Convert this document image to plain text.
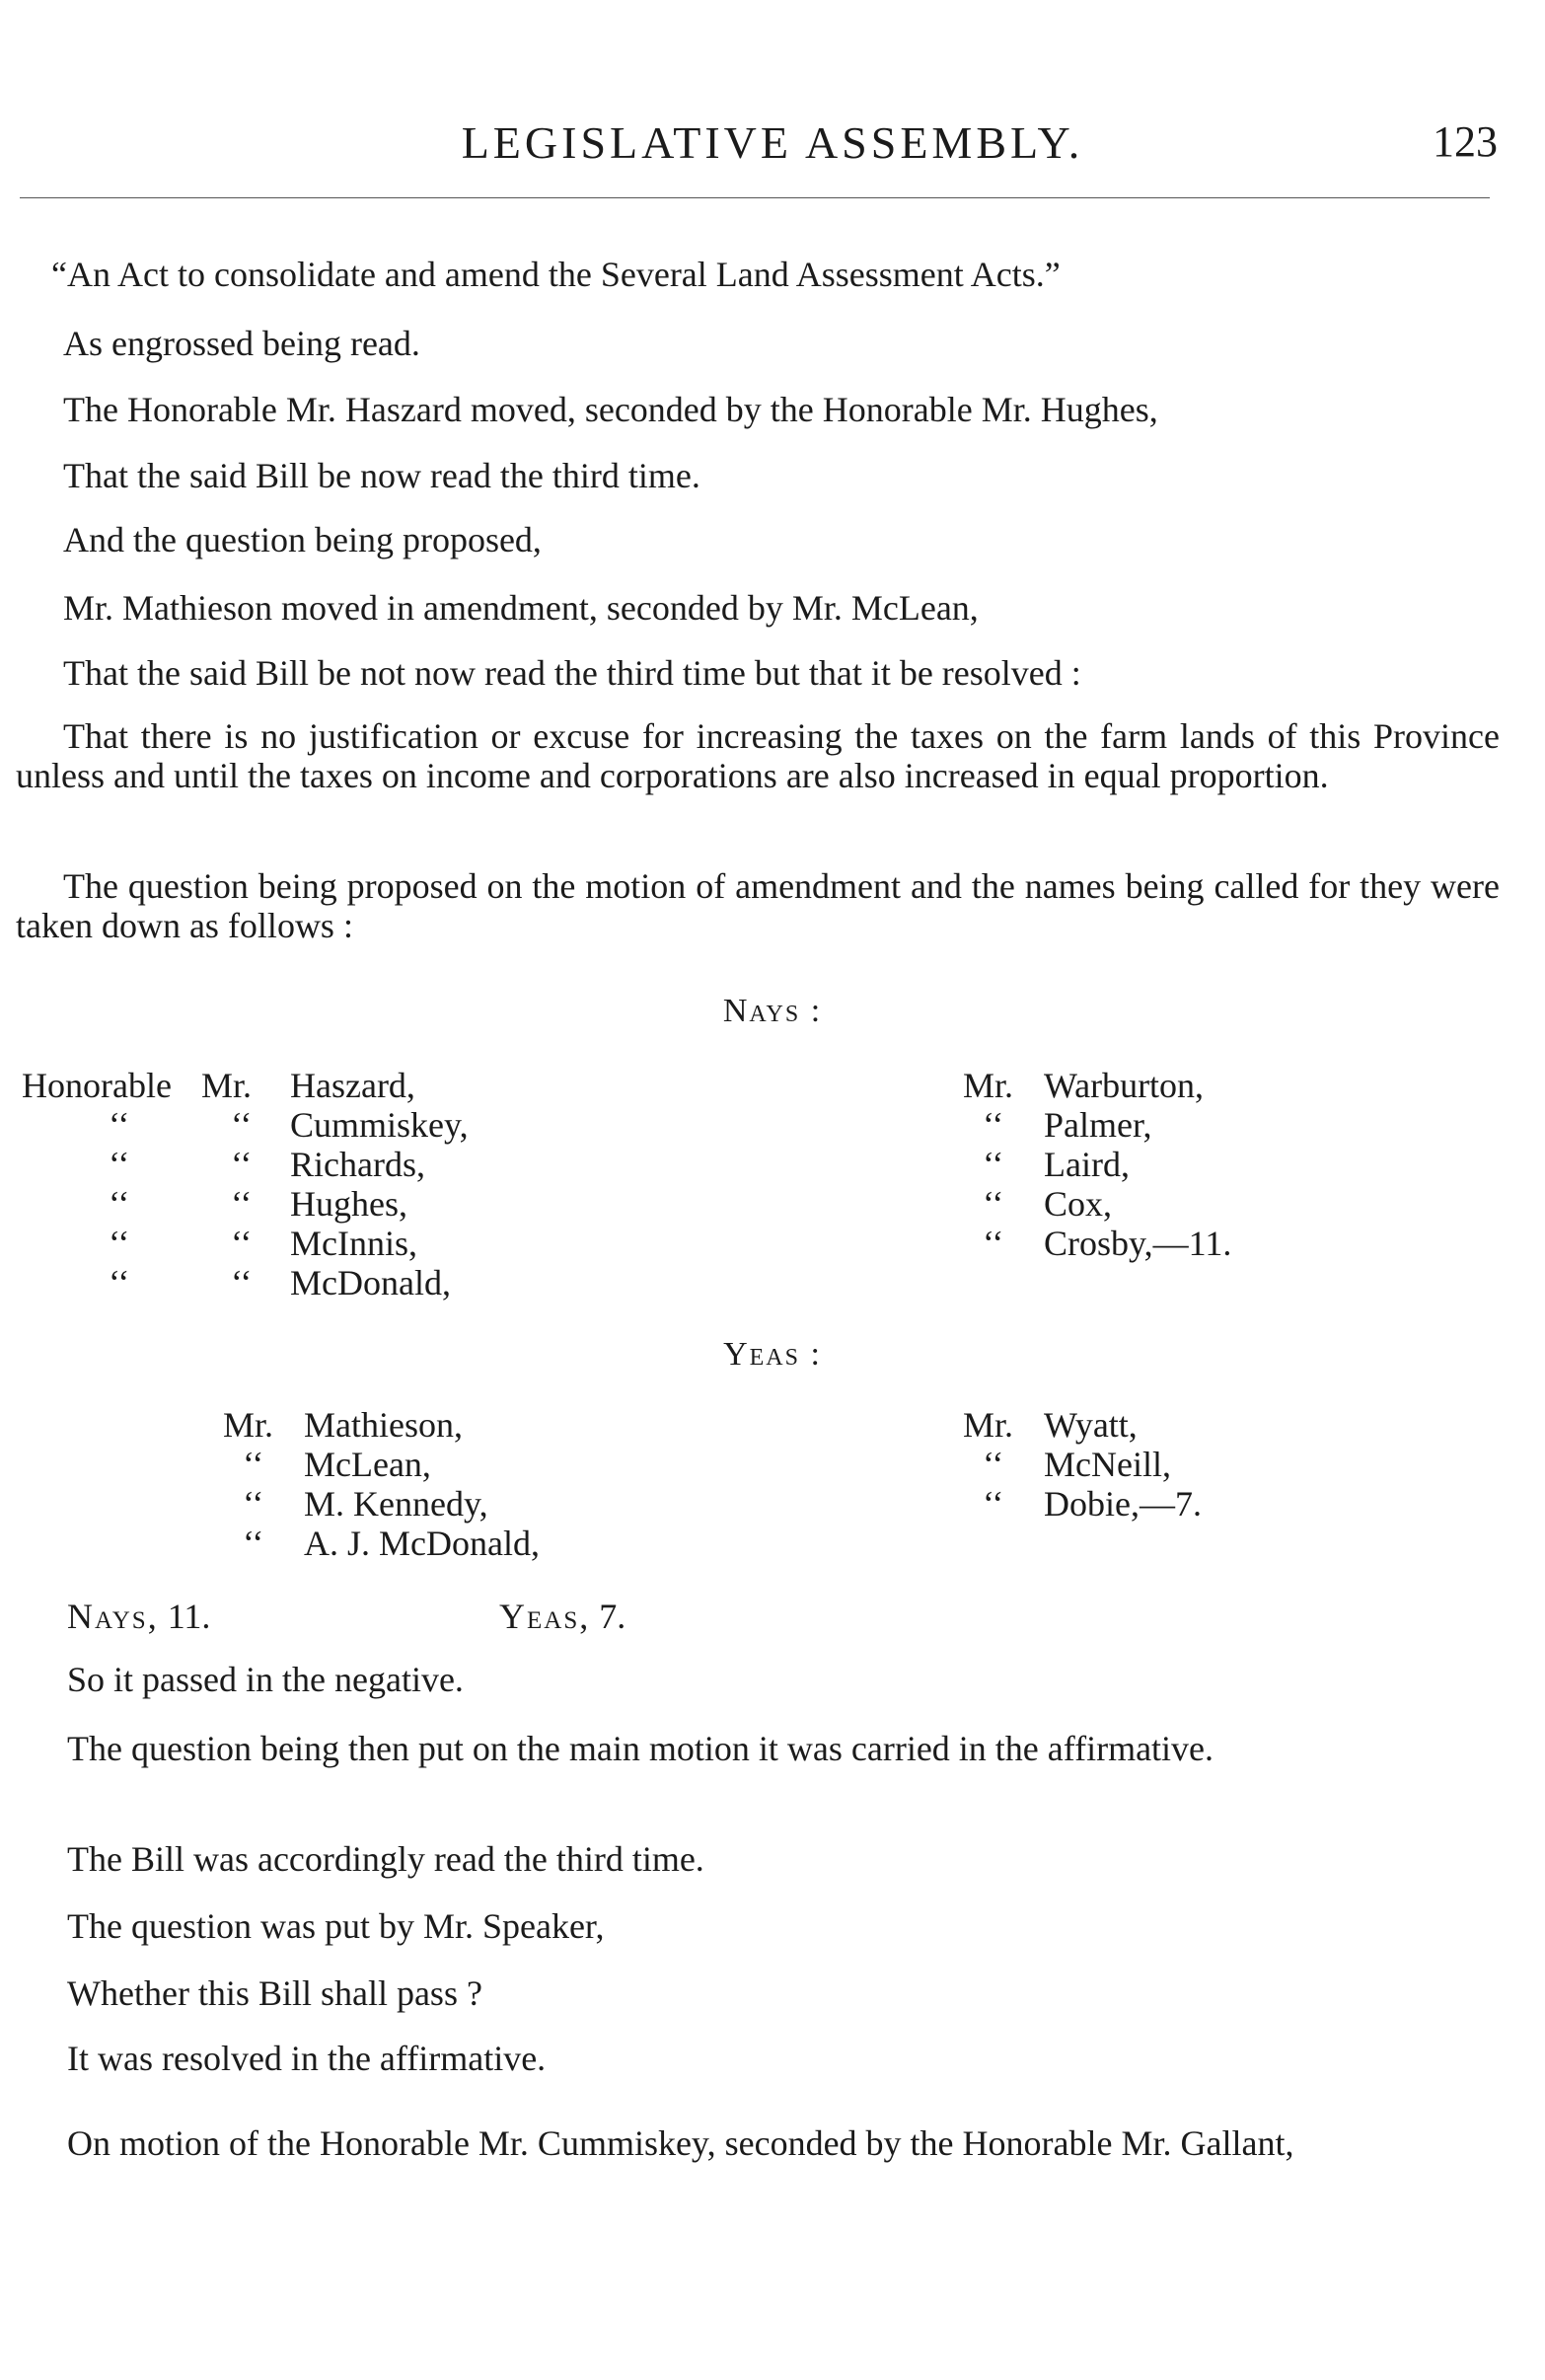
LEGISLATIVE ASSEMBLY.	123

“An Act to consolidate and amend the Several Land Assessment Acts.”

As engrossed being read.

The Honorable Mr. Haszard moved, seconded by the Honorable Mr. Hughes,

That the said Bill be now read the third time.

And the question being proposed,

Mr. Mathieson moved in amendment, seconded by Mr. McLean,

That the said Bill be not now read the third time but that it be resolved :

That there is no justification or excuse for increasing the taxes on the farm lands of this Province unless and until the taxes on income and corporations are also increased in equal proportion.

The question being proposed on the motion of amendment and the names being called for they were taken down as follows :

Nays :
Honorable Mr. Haszard,
‘‘	‘‘ Cummiskey,
‘‘	‘‘ Richards,
‘‘	‘‘ Hughes,
‘‘	‘‘ McInnis,
‘‘	‘‘ McDonald,
Mr. Warburton,
‘‘ Palmer,
‘‘ Laird,
‘‘ Cox,
‘‘ Crosby,—11.
Yeas :
Mr. Mathieson,
‘‘ McLean,
‘‘ M. Kennedy,
‘‘ A. J. McDonald,
Mr. Wyatt,
‘‘ McNeill,
‘‘ Dobie,—7.
Nays, 11.	Yeas, 7.

So it passed in the negative.

The question being then put on the main motion it was carried in the affirmative.

The Bill was accordingly read the third time.

The question was put by Mr. Speaker,

Whether this Bill shall pass ?

It was resolved in the affirmative.

On motion of the Honorable Mr. Cummiskey, seconded by the Honorable Mr. Gallant,
